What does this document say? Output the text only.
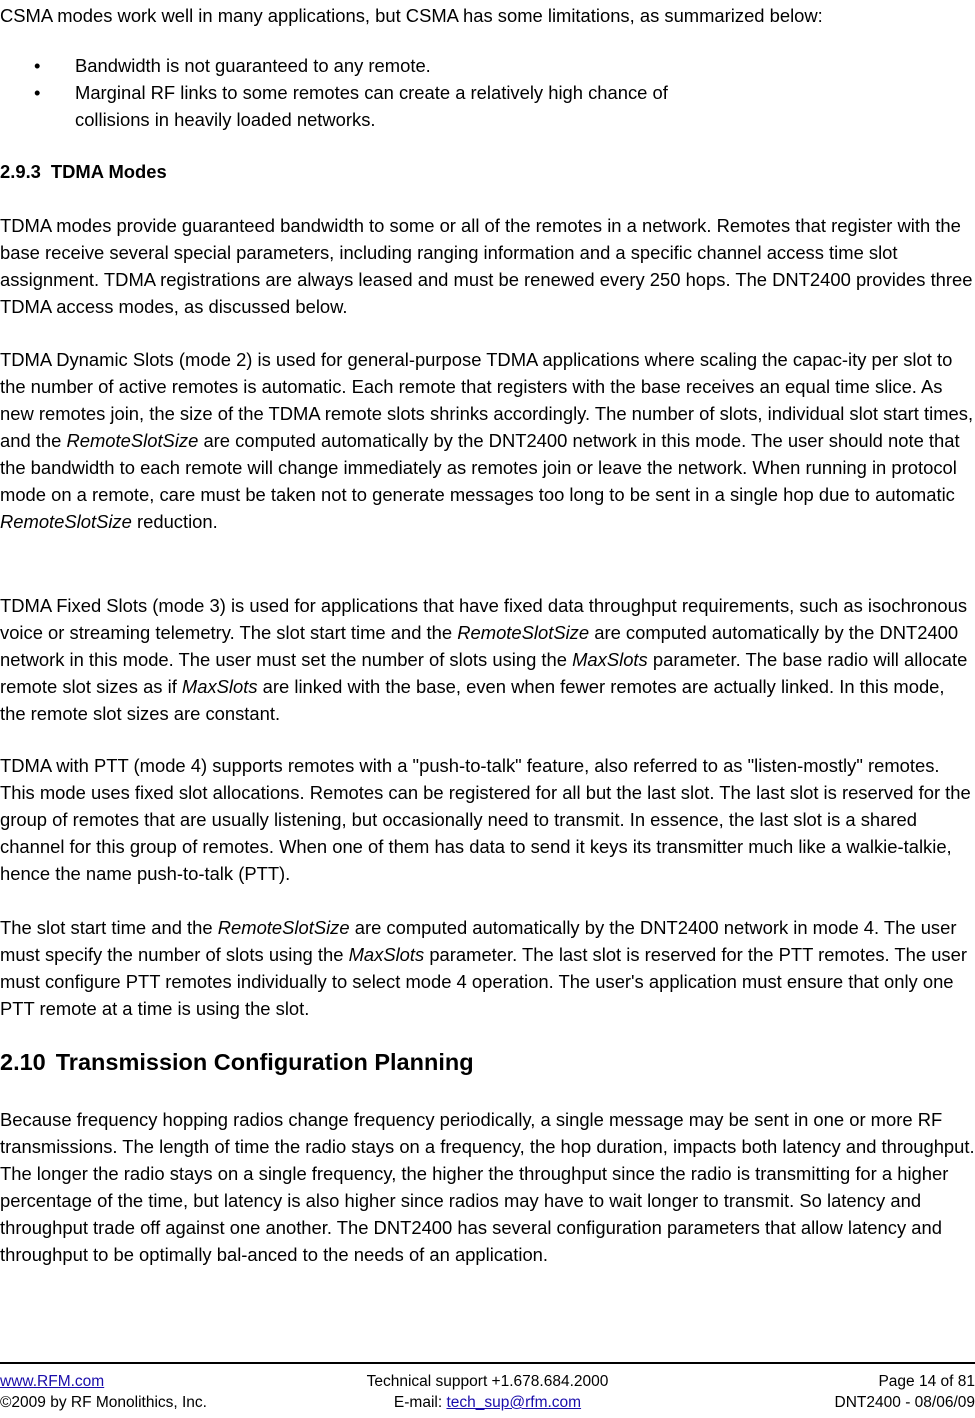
CSMA modes work well in many applications, but CSMA has some limitations, as summarized below:

• Bandwidth is not guaranteed to any remote.
• Marginal RF links to some remotes can create a relatively high chance of
collisions in heavily loaded networks.
2.9.3 TDMA Modes

TDMA modes provide guaranteed bandwidth to some or all of the remotes in a network. Remotes that register with the base receive several special parameters, including ranging information and a specific channel access time slot assignment. TDMA registrations are always leased and must be renewed every 250 hops. The DNT2400 provides three TDMA access modes, as discussed below.

TDMA Dynamic Slots (mode 2) is used for general-purpose TDMA applications where scaling the capac-ity per slot to the number of active remotes is automatic. Each remote that registers with the base receives an equal time slice. As new remotes join, the size of the TDMA remote slots shrinks accordingly. The number of slots, individual slot start times, and the RemoteSlotSize are computed automatically by the DNT2400 network in this mode. The user should note that the bandwidth to each remote will change immediately as remotes join or leave the network. When running in protocol mode on a remote, care must be taken not to generate messages too long to be sent in a single hop due to automatic RemoteSlotSize reduction.

TDMA Fixed Slots (mode 3) is used for applications that have fixed data throughput requirements, such as isochronous voice or streaming telemetry. The slot start time and the RemoteSlotSize are computed automatically by the DNT2400 network in this mode. The user must set the number of slots using the MaxSlots parameter. The base radio will allocate remote slot sizes as if MaxSlots are linked with the base, even when fewer remotes are actually linked. In this mode, the remote slot sizes are constant.

TDMA with PTT (mode 4) supports remotes with a "push-to-talk" feature, also referred to as "listen-mostly" remotes. This mode uses fixed slot allocations. Remotes can be registered for all but the last slot. The last slot is reserved for the group of remotes that are usually listening, but occasionally need to transmit. In essence, the last slot is a shared channel for this group of remotes. When one of them has data to send it keys its transmitter much like a walkie-talkie, hence the name push-to-talk (PTT).

The slot start time and the RemoteSlotSize are computed automatically by the DNT2400 network in mode 4. The user must specify the number of slots using the MaxSlots parameter. The last slot is reserved for the PTT remotes. The user must configure PTT remotes individually to select mode 4 operation. The user's application must ensure that only one PTT remote at a time is using the slot.

2.10 Transmission Configuration Planning

Because frequency hopping radios change frequency periodically, a single message may be sent in one or more RF transmissions. The length of time the radio stays on a frequency, the hop duration, impacts both latency and throughput. The longer the radio stays on a single frequency, the higher the throughput since the radio is transmitting for a higher percentage of the time, but latency is also higher since radios may have to wait longer to transmit. So latency and throughput trade off against one another. The DNT2400 has several configuration parameters that allow latency and throughput to be optimally bal-anced to the needs of an application.

www.RFM.com	Technical support +1.678.684.2000	Page 14 of 81
©2009 by RF Monolithics, Inc.	E-mail: tech_sup@rfm.com	DNT2400 - 08/06/09
